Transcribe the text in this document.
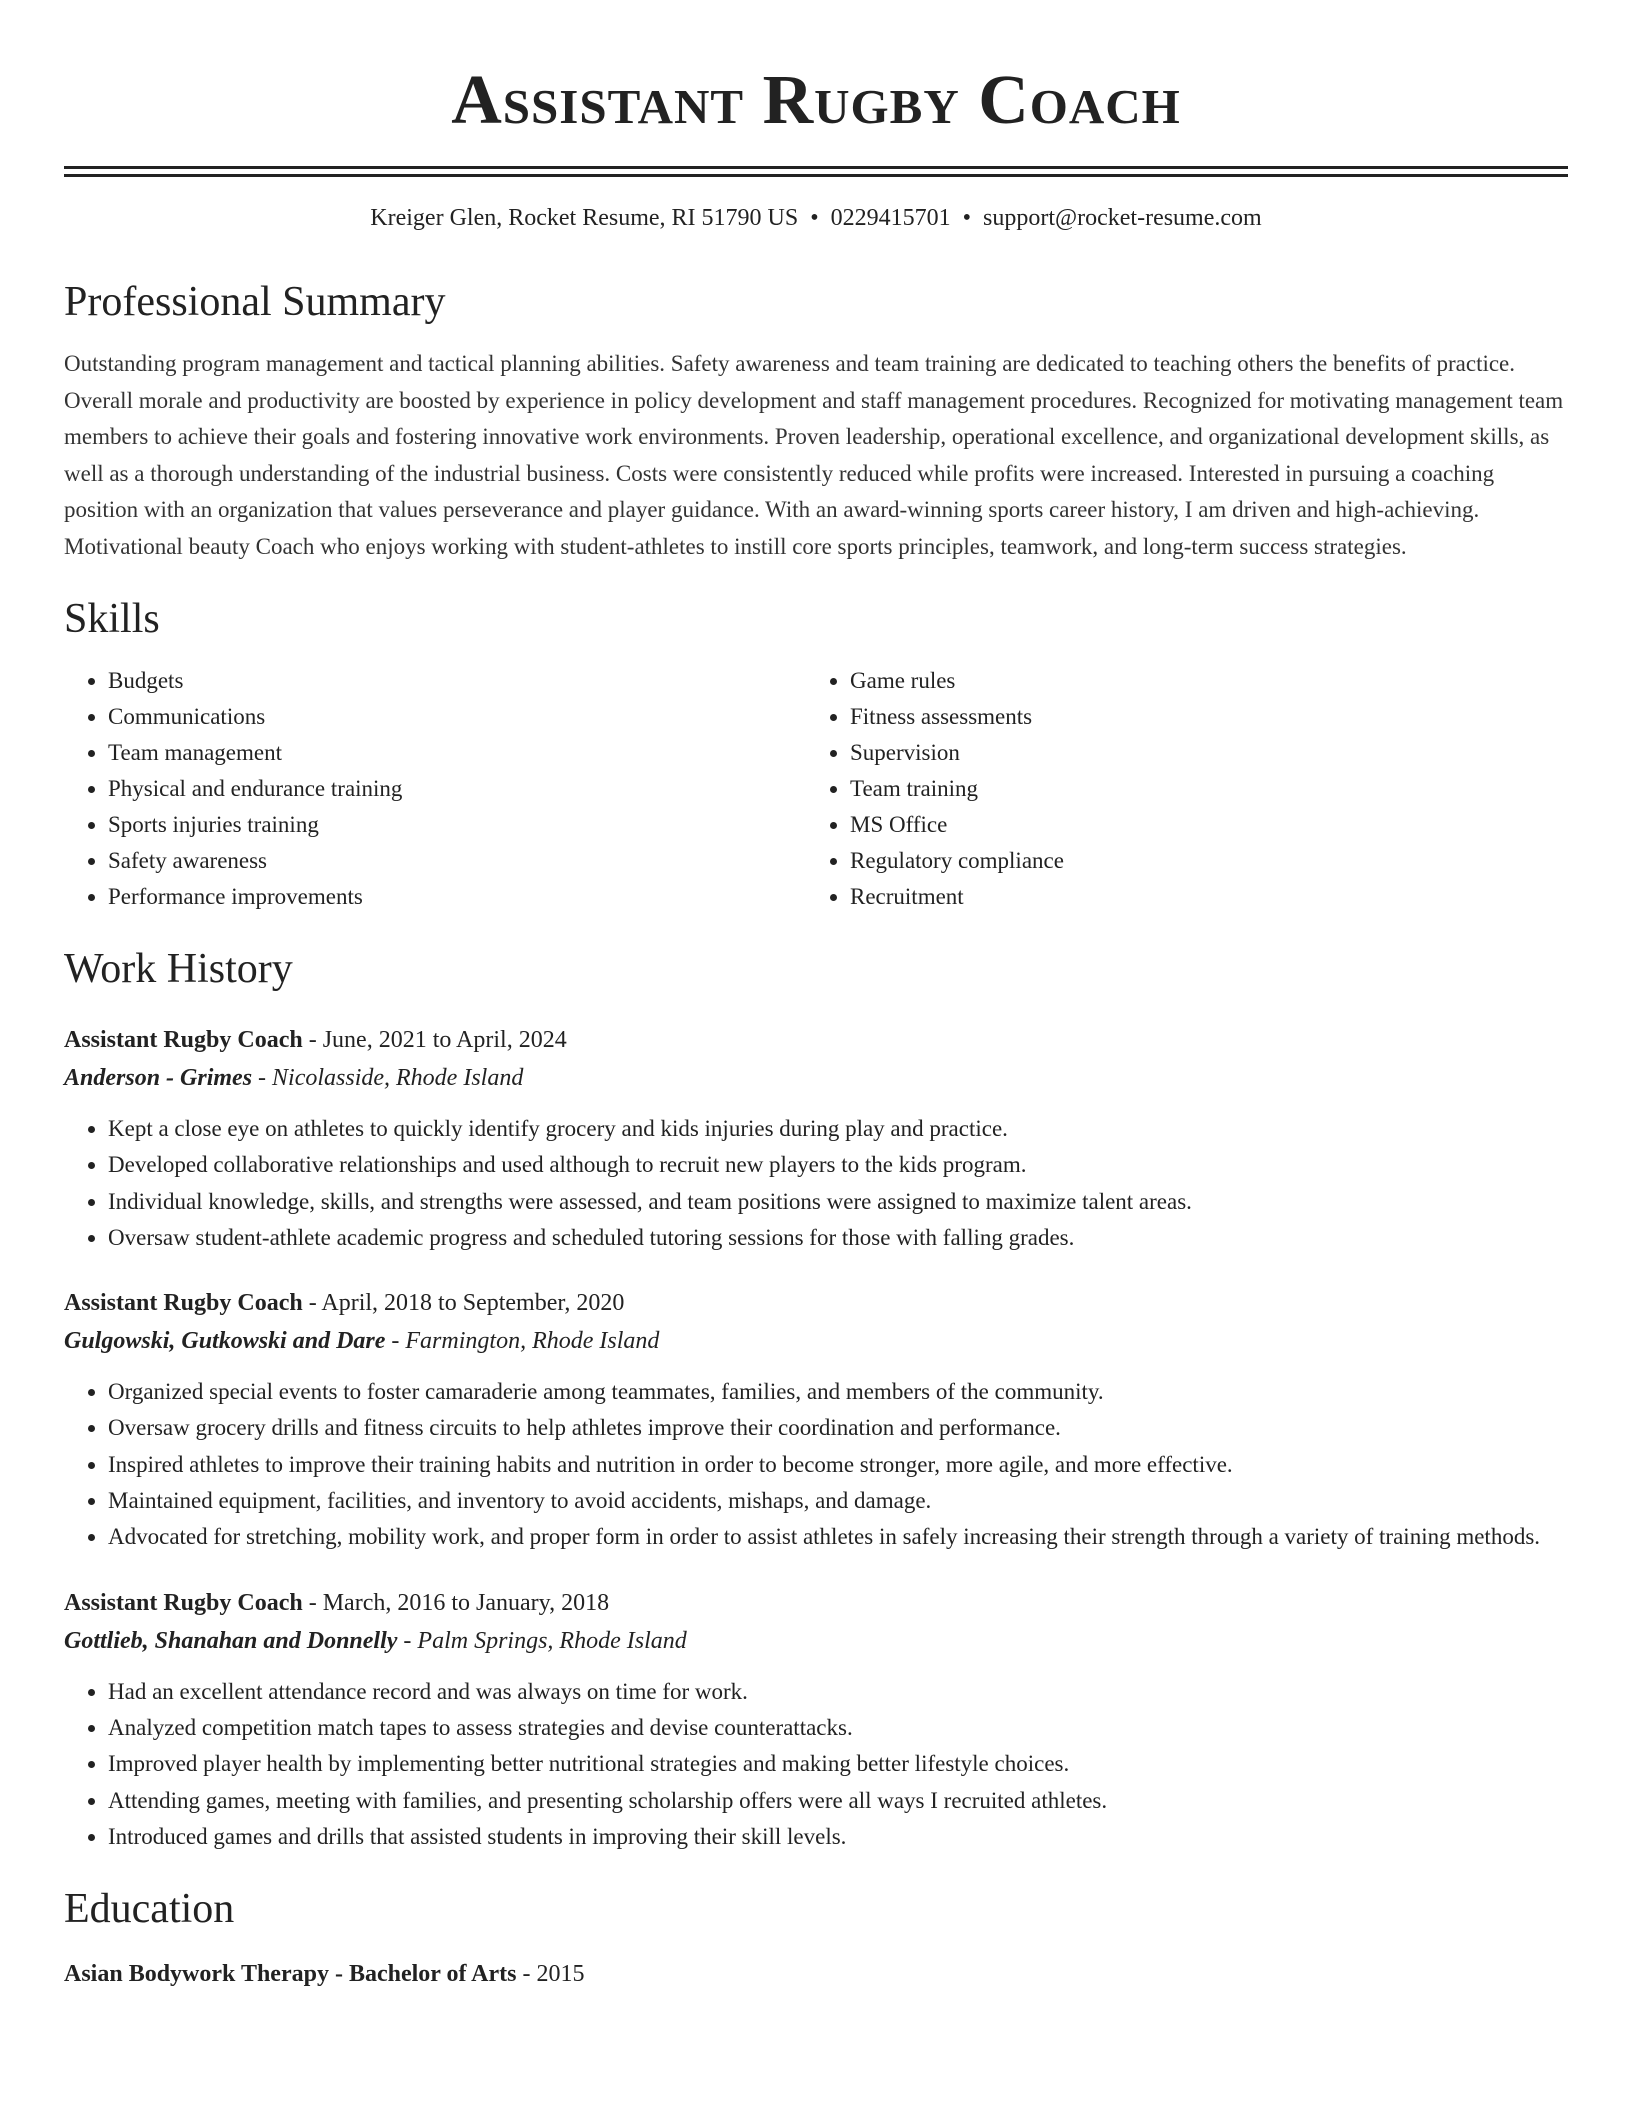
Assistant Rugby Coach
Kreiger Glen, Rocket Resume, RI 51790 US • 0229415701 • support@rocket-resume.com
Professional Summary

Outstanding program management and tactical planning abilities. Safety awareness and team training are dedicated to teaching others the benefits of practice. Overall morale and productivity are boosted by experience in policy development and staff management procedures. Recognized for motivating management team members to achieve their goals and fostering innovative work environments. Proven leadership, operational excellence, and organizational development skills, as well as a thorough understanding of the industrial business. Costs were consistently reduced while profits were increased. Interested in pursuing a coaching position with an organization that values perseverance and player guidance. With an award-winning sports career history, I am driven and high-achieving. Motivational beauty Coach who enjoys working with student-athletes to instill core sports principles, teamwork, and long-term success strategies.

Skills
• Budgets
• Communications
• Team management
• Physical and endurance training
• Sports injuries training
• Safety awareness
• Performance improvements
• Game rules
• Fitness assessments
• Supervision
• Team training
• MS Office
• Regulatory compliance
• Recruitment
Work History
Assistant Rugby Coach - June, 2021 to April, 2024
Anderson - Grimes - Nicolasside, Rhode Island
• Kept a close eye on athletes to quickly identify grocery and kids injuries during play and practice.
• Developed collaborative relationships and used although to recruit new players to the kids program.
• Individual knowledge, skills, and strengths were assessed, and team positions were assigned to maximize talent areas.
• Oversaw student-athlete academic progress and scheduled tutoring sessions for those with falling grades.
Assistant Rugby Coach - April, 2018 to September, 2020
Gulgowski, Gutkowski and Dare - Farmington, Rhode Island
• Organized special events to foster camaraderie among teammates, families, and members of the community.
• Oversaw grocery drills and fitness circuits to help athletes improve their coordination and performance.
• Inspired athletes to improve their training habits and nutrition in order to become stronger, more agile, and more effective.
• Maintained equipment, facilities, and inventory to avoid accidents, mishaps, and damage.
• Advocated for stretching, mobility work, and proper form in order to assist athletes in safely increasing their strength through a variety of training methods.
Assistant Rugby Coach - March, 2016 to January, 2018
Gottlieb, Shanahan and Donnelly - Palm Springs, Rhode Island
• Had an excellent attendance record and was always on time for work.
• Analyzed competition match tapes to assess strategies and devise counterattacks.
• Improved player health by implementing better nutritional strategies and making better lifestyle choices.
• Attending games, meeting with families, and presenting scholarship offers were all ways I recruited athletes.
• Introduced games and drills that assisted students in improving their skill levels.
Education
Asian Bodywork Therapy - Bachelor of Arts - 2015
